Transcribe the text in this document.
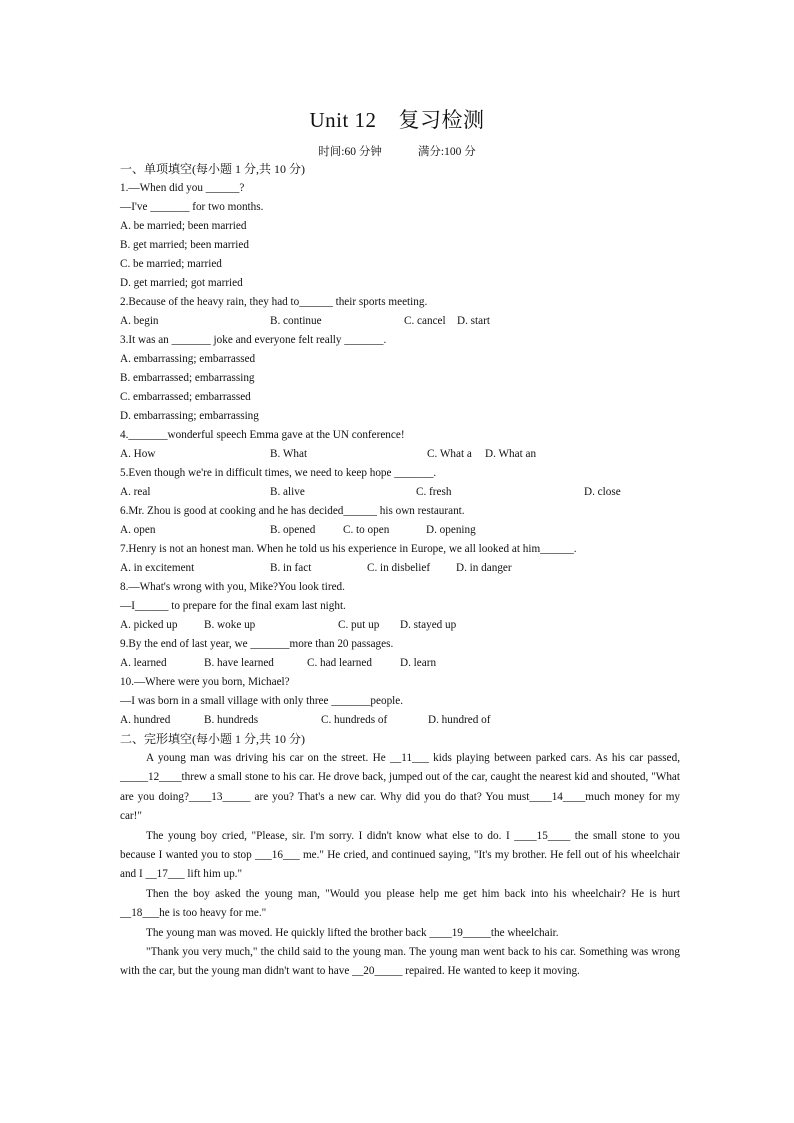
Unit 12 复习检测
时间:60 分钟	满分:100 分
一、单项填空(每小题 1 分,共 10 分)
1.—When did you ______?
—I've _______ for two months.
A. be married; been married
B. get married; been married
C. be married; married
D. get married; got married
2.Because of the heavy rain, they had to______ their sports meeting.
A. begin	B. continue	C. cancel D. start
3.It was an _______ joke and everyone felt really _______.
A. embarrassing; embarrassed
B. embarrassed; embarrassing
C. embarrassed; embarrassed
D. embarrassing; embarrassing
4._______wonderful speech Emma gave at the UN conference!
A. How	B. What	C. What a D. What an
5.Even though we're in difficult times, we need to keep hope _______.
A. real	B. alive	C. fresh	D. close
6.Mr. Zhou is good at cooking and he has decided______ his own restaurant.
A. open	B. opened C. to open	D. opening
7.Henry is not an honest man. When he told us his experience in Europe, we all looked at him______.
A. in excitement	B. in fact	C. in disbelief D. in danger
8.—What's wrong with you, Mike?You look tired.
—I______ to prepare for the final exam last night.
A. picked up B. woke up	C. put up D. stayed up
9.By the end of last year, we _______more than 20 passages.
A. learned	B. have learned	C. had learned	D. learn
10.—Where were you born, Michael?
—I was born in a small village with only three _______people.
A. hundred	B. hundreds	C. hundreds of	D. hundred of
二、完形填空(每小题 1 分,共 10 分)

A young man was driving his car on the street. He __11___ kids playing between parked cars. As his car passed, _____12____threw a small stone to his car. He drove back, jumped out of the car, caught the nearest kid and shouted, "What are you doing?____13_____ are you? That's a new car. Why did you do that? You must____14____much money for my car!"

The young boy cried, "Please, sir. I'm sorry. I didn't know what else to do. I ____15____ the small stone to you because I wanted you to stop ___16___ me." He cried, and continued saying, "It's my brother. He fell out of his wheelchair and I __17___ lift him up."

Then the boy asked the young man, "Would you please help me get him back into his wheelchair? He is hurt __18___he is too heavy for me."

The young man was moved. He quickly lifted the brother back ____19_____the wheelchair.

"Thank you very much," the child said to the young man. The young man went back to his car. Something was wrong with the car, but the young man didn't want to have __20_____ repaired. He wanted to keep it moving.
